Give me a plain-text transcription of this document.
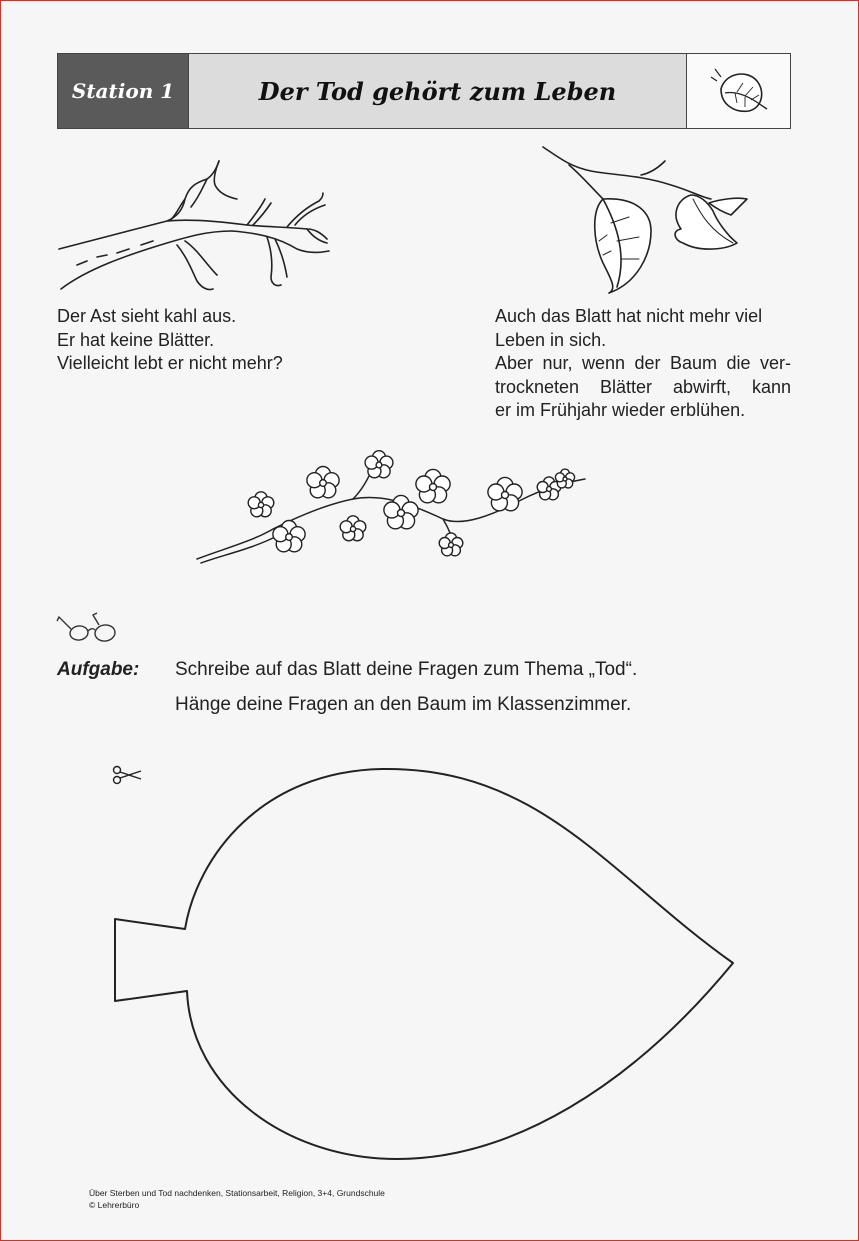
Station 1	Der Tod gehört zum Leben
Der Ast sieht kahl aus.
Er hat keine Blätter.
Vielleicht lebt er nicht mehr?
Auch das Blatt hat nicht mehr viel
Leben in sich.
Aber nur, wenn der Baum die ver-
trockneten Blätter abwirft, kann
er im Frühjahr wieder erblühen.
Aufgabe: Schreibe auf das Blatt deine Fragen zum Thema „Tod“.
Hänge deine Fragen an den Baum im Klassenzimmer.
Über Sterben und Tod nachdenken, Stationsarbeit, Religion, 3+4, Grundschule
© Lehrerbüro
